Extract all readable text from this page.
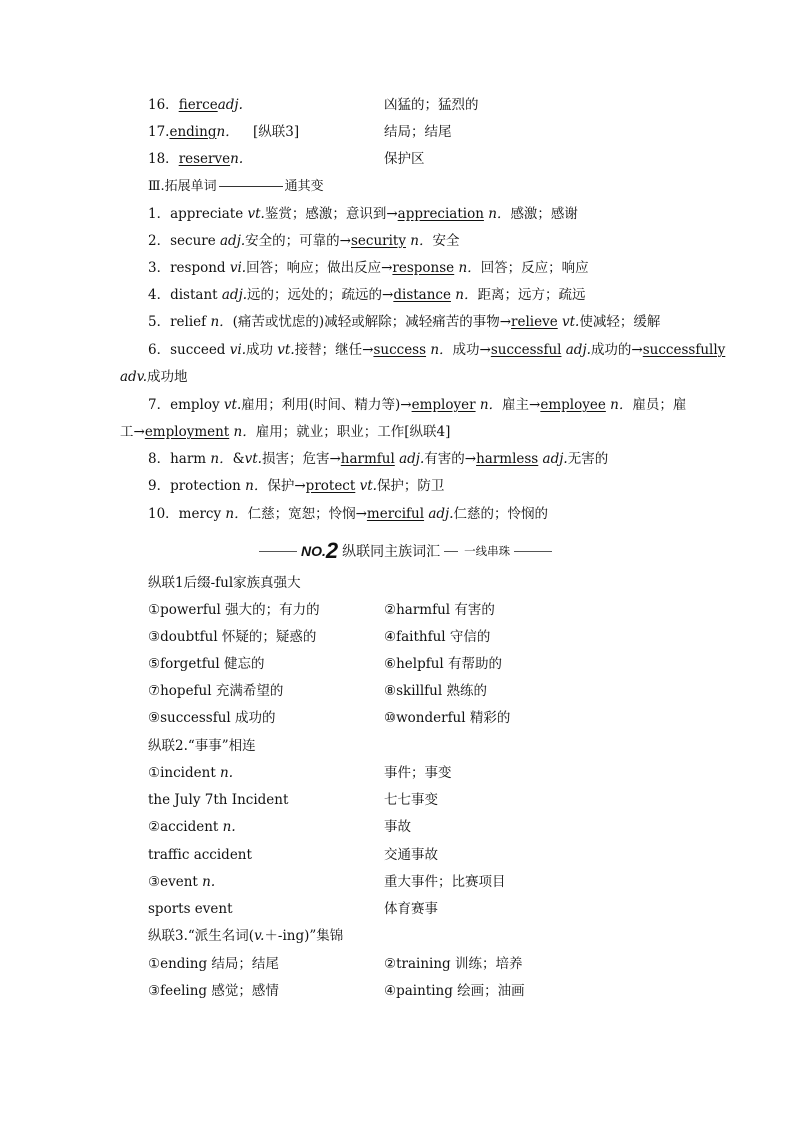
16．fierceadj.	凶猛的；猛烈的
17.endingn． [纵联3]	结局；结尾
18．reserven.	保护区
Ⅲ.拓展单词	通其变
1．appreciate vt.鉴赏；感激；意识到→appreciation n．感激；感谢
2．secure adj.安全的；可靠的→security n．安全
3．respond vi.回答；响应；做出反应→response n．回答；反应；响应
4．distant adj.远的；远处的；疏远的→distance n．距离；远方；疏远
5．relief n．(痛苦或忧虑的)减轻或解除；减轻痛苦的事物→relieve vt.使减轻；缓解
6．succeed vi.成功 vt.接替；继任→success n．成功→successful adj.成功的→successfully
adv.成功地
7．employ vt.雇用；利用(时间、精力等)→employer n．雇主→employee n．雇员；雇
工→employment n．雇用；就业；职业；工作[纵联4]
8．harm n．&vt.损害；危害→harmful adj.有害的→harmless adj.无害的
9．protection n．保护→protect vt.保护；防卫
10．mercy n．仁慈；宽恕；怜悯→merciful adj.仁慈的；怜悯的
NO. 2 纵联同主族词汇 一线串珠
纵联1后缀-ful家族真强大
①powerful 强大的；有力的	②harmful 有害的
③doubtful 怀疑的；疑惑的	④faithful 守信的
⑤forgetful 健忘的	⑥helpful 有帮助的
⑦hopeful 充满希望的	⑧skillful 熟练的
⑨successful 成功的	⑩wonderful 精彩的
纵联2.“事事”相连
①incident n.	事件；事变
the July 7th Incident	七七事变
②accident n.	事故
traffic accident	交通事故
③event n.	重大事件；比赛项目
sports event	体育赛事
纵联3.“派生名词(v.＋-ing)”集锦
①ending 结局；结尾	②training 训练；培养
③feeling 感觉；感情	④painting 绘画；油画
